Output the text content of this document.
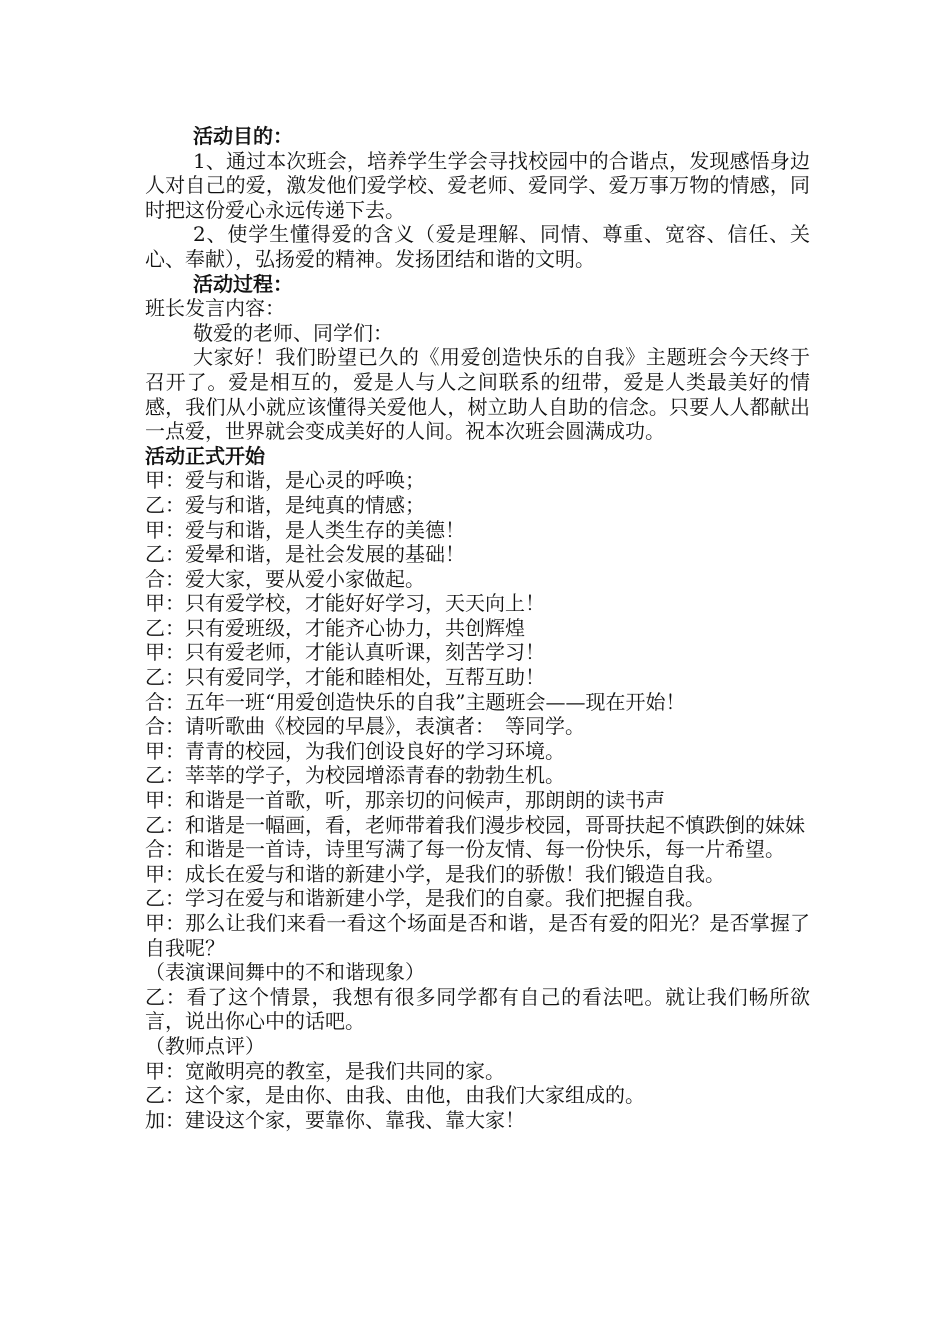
活动目的：

1、通过本次班会，培养学生学会寻找校园中的合谐点，发现感悟身边人对自己的爱，激发他们爱学校、爱老师、爱同学、爱万事万物的情感，同时把这份爱心永远传递下去。

2、使学生懂得爱的含义（爱是理解、同情、尊重、宽容、信任、关心、奉献），弘扬爱的精神。发扬团结和谐的文明。

活动过程：

班长发言内容：

敬爱的老师、同学们：

大家好！我们盼望已久的《用爱创造快乐的自我》主题班会今天终于召开了。爱是相互的，爱是人与人之间联系的纽带，爱是人类最美好的情感，我们从小就应该懂得关爱他人，树立助人自助的信念。只要人人都献出一点爱，世界就会变成美好的人间。祝本次班会圆满成功。

活动正式开始

甲：爱与和谐，是心灵的呼唤；

乙：爱与和谐，是纯真的情感；

甲：爱与和谐，是人类生存的美德！

乙：爱晕和谐，是社会发展的基础！

合：爱大家，要从爱小家做起。

甲：只有爱学校，才能好好学习，天天向上！

乙：只有爱班级，才能齐心协力，共创辉煌

甲：只有爱老师，才能认真听课，刻苦学习！

乙：只有爱同学，才能和睦相处，互帮互助！

合：五年一班“用爱创造快乐的自我”主题班会——现在开始！

合：请听歌曲《校园的早晨》，表演者：　等同学。

甲：青青的校园，为我们创设良好的学习环境。

乙：莘莘的学子，为校园增添青春的勃勃生机。

甲：和谐是一首歌，听，那亲切的问候声，那朗朗的读书声

乙：和谐是一幅画，看，老师带着我们漫步校园，哥哥扶起不慎跌倒的妹妹

合：和谐是一首诗，诗里写满了每一份友情、每一份快乐，每一片希望。

甲：成长在爱与和谐的新建小学，是我们的骄傲！我们锻造自我。

乙：学习在爱与和谐新建小学，是我们的自豪。我们把握自我。

甲：那么让我们来看一看这个场面是否和谐，是否有爱的阳光？是否掌握了自我呢？

（表演课间舞中的不和谐现象）

乙：看了这个情景，我想有很多同学都有自己的看法吧。就让我们畅所欲言，说出你心中的话吧。

（教师点评）

甲：宽敞明亮的教室，是我们共同的家。

乙：这个家，是由你、由我、由他，由我们大家组成的。

加：建设这个家，要靠你、靠我、靠大家！
